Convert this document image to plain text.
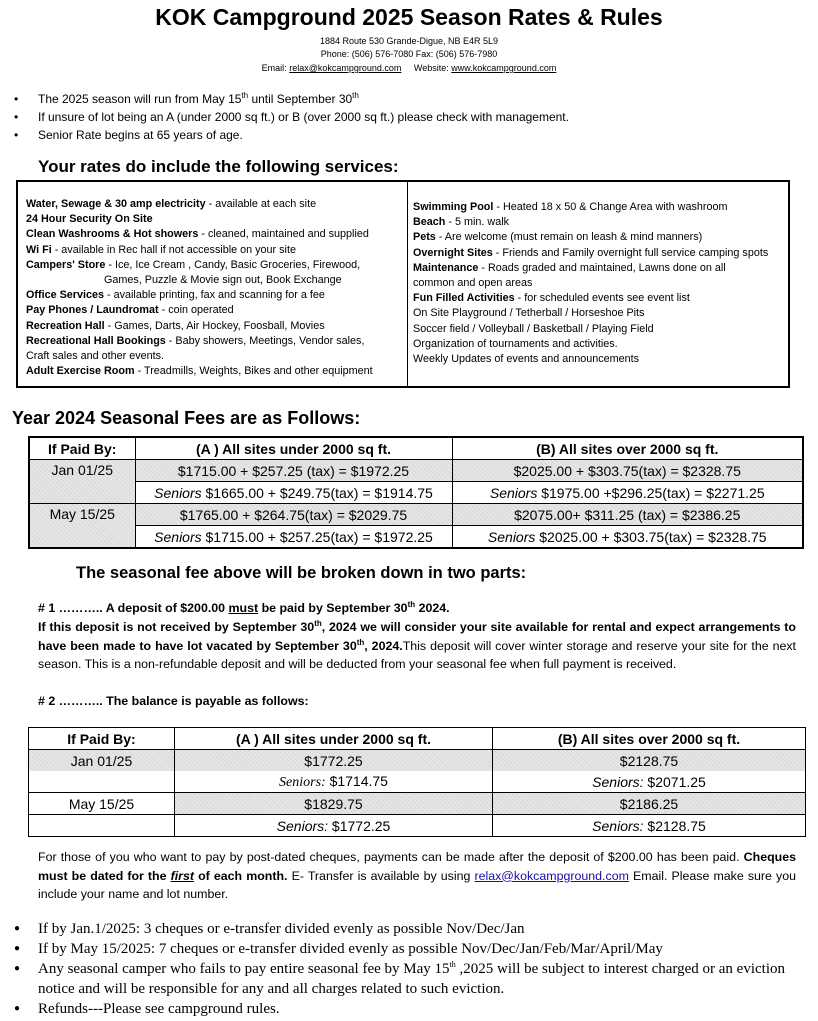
KOK Campground 2025 Season Rates & Rules
1884 Route 530 Grande-Digue, NB E4R 5L9
Phone: (506) 576-7080 Fax: (506) 576-7980
Email: relax@kokcampground.com Website: www.kokcampground.com
• The 2025 season will run from May 15th until September 30th
• If unsure of lot being an A (under 2000 sq ft.) or B (over 2000 sq ft.) please check with management.
• Senior Rate begins at 65 years of age.
Your rates do include the following services:
Water, Sewage & 30 amp electricity - available at each site
24 Hour Security On Site
Clean Washrooms & Hot showers - cleaned, maintained and supplied
Wi Fi - available in Rec hall if not accessible on your site
Campers' Store - Ice, Ice Cream , Candy, Basic Groceries, Firewood,
Games, Puzzle & Movie sign out, Book Exchange
Office Services - available printing, fax and scanning for a fee
Pay Phones / Laundromat - coin operated
Recreation Hall - Games, Darts, Air Hockey, Foosball, Movies
Recreational Hall Bookings - Baby showers, Meetings, Vendor sales,
Craft sales and other events.
Adult Exercise Room - Treadmills, Weights, Bikes and other equipment
Swimming Pool - Heated 18 x 50 & Change Area with washroom
Beach - 5 min. walk
Pets - Are welcome (must remain on leash & mind manners)
Overnight Sites - Friends and Family overnight full service camping spots
Maintenance - Roads graded and maintained, Lawns done on all
common and open areas
Fun Filled Activities - for scheduled events see event list
On Site Playground / Tetherball / Horseshoe Pits
Soccer field / Volleyball / Basketball / Playing Field
Organization of tournaments and activities.
Weekly Updates of events and announcements
Year 2024 Seasonal Fees are as Follows:
If Paid By:	(A ) All sites under 2000 sq ft.	(B) All sites over 2000 sq ft.

Jan 01/25	$1715.00 + $257.25 (tax) = $1972.25	$2025.00 + $303.75(tax) = $2328.75
	Seniors $1665.00 + $249.75(tax) = $1914.75	Seniors $1975.00 +$296.25(tax) = $2271.25

May 15/25	$1765.00 + $264.75(tax) = $2029.75	$2075.00+ $311.25 (tax) = $2386.25
	Seniors $1715.00 + $257.25(tax) = $1972.25	Seniors $2025.00 + $303.75(tax) = $2328.75
The seasonal fee above will be broken down in two parts:
# 1 ……….. A deposit of $200.00 must be paid by September 30th 2024.
If this deposit is not received by September 30th, 2024 we will consider your site available for rental and expect arrangements to have been made to have lot vacated by September 30th, 2024.This deposit will cover winter storage and reserve your site for the next season. This is a non-refundable deposit and will be deducted from your seasonal fee when full payment is received.
# 2 ……….. The balance is payable as follows:
If Paid By:	(A ) All sites under 2000 sq ft.	(B) All sites over 2000 sq ft.
Jan 01/25	$1772.25	$2128.75
	Seniors: $1714.75	Seniors: $2071.25
May 15/25	$1829.75	$2186.25
	Seniors: $1772.25	Seniors: $2128.75
For those of you who want to pay by post-dated cheques, payments can be made after the deposit of $200.00 has been paid. Cheques must be dated for the first of each month. E- Transfer is available by using relax@kokcampground.com Email. Please make sure you include your name and lot number.
● If by Jan.1/2025: 3 cheques or e-transfer divided evenly as possible Nov/Dec/Jan
● If by May 15/2025: 7 cheques or e-transfer divided evenly as possible Nov/Dec/Jan/Feb/Mar/April/May
● Any seasonal camper who fails to pay entire seasonal fee by May 15th ,2025 will be subject to interest charged or an eviction notice and will be responsible for any and all charges related to such eviction.
● Refunds---Please see campground rules.
